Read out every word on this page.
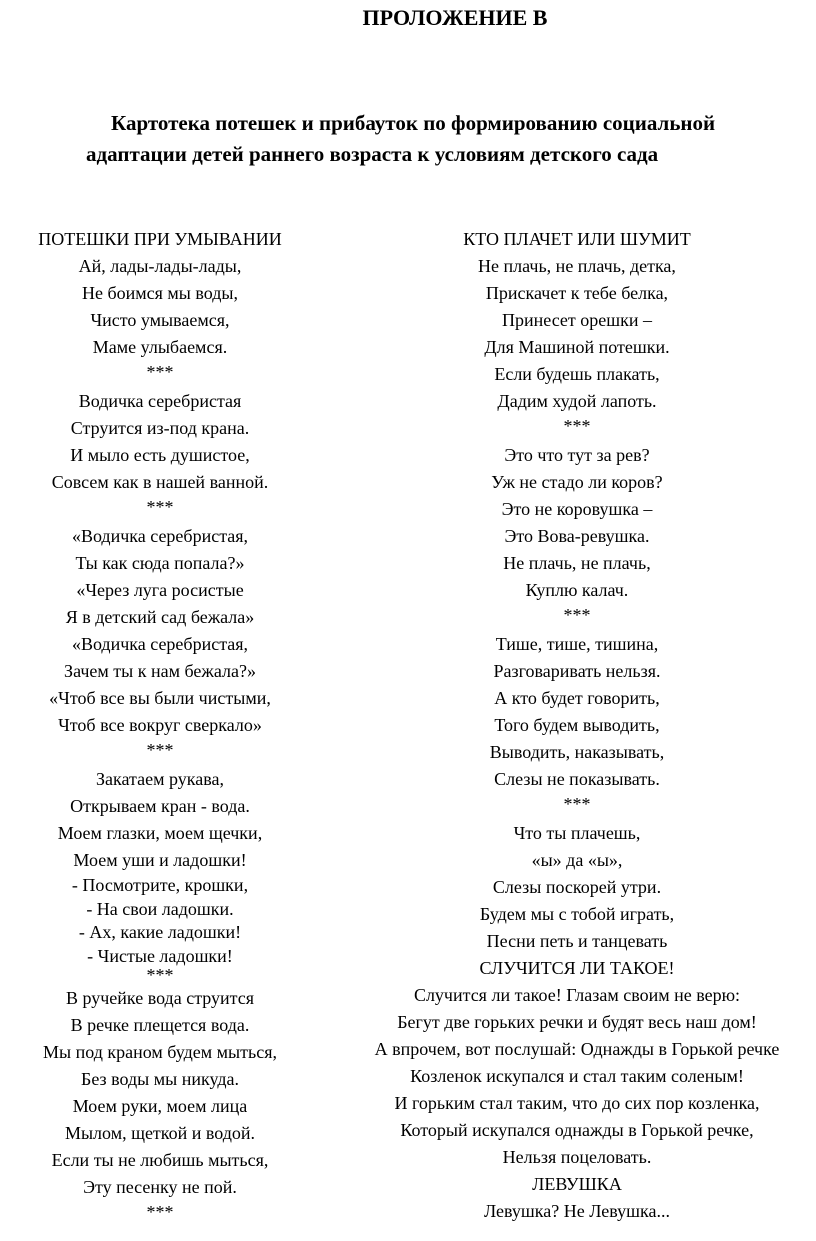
ПРОЛОЖЕНИЕ В
Картотека потешек и прибауток по формированию социальной
адаптации детей раннего возраста к условиям детского сада
ПОТЕШКИ ПРИ УМЫВАНИИ
Ай, лады-лады-лады,
Не боимся мы воды,
Чисто умываемся,
Маме улыбаемся.
***
Водичка серебристая
Струится из-под крана.
И мыло есть душистое,
Совсем как в нашей ванной.
***
«Водичка серебристая,
Ты как сюда попала?»
«Через луга росистые
Я в детский сад бежала»
«Водичка серебристая,
Зачем ты к нам бежала?»
«Чтоб все вы были чистыми,
Чтоб все вокруг сверкало»
***
Закатаем рукава,
Открываем кран - вода.
Моем глазки, моем щечки,
Моем уши и ладошки!
- Посмотрите, крошки,
- На свои ладошки.
- Ах, какие ладошки!
- Чистые ладошки!
***
В ручейке вода струится
В речке плещется вода.
Мы под краном будем мыться,
Без воды мы никуда.
Моем руки, моем лица
Мылом, щеткой и водой.
Если ты не любишь мыться,
Эту песенку не пой.
***
КТО ПЛАЧЕТ ИЛИ ШУМИТ
Не плачь, не плачь, детка,
Прискачет к тебе белка,
Принесет орешки –
Для Машиной потешки.
Если будешь плакать,
Дадим худой лапоть.
***
Это что тут за рев?
Уж не стадо ли коров?
Это не коровушка –
Это Вова-ревушка.
Не плачь, не плачь,
Куплю калач.
***
Тише, тише, тишина,
Разговаривать нельзя.
А кто будет говорить,
Того будем выводить,
Выводить, наказывать,
Слезы не показывать.
***
Что ты плачешь,
«ы» да «ы»,
Слезы поскорей утри.
Будем мы с тобой играть,
Песни петь и танцевать
СЛУЧИТСЯ ЛИ ТАКОЕ!
Случится ли такое! Глазам своим не верю:
Бегут две горьких речки и будят весь наш дом!
А впрочем, вот послушай: Однажды в Горькой речке
Козленок искупался и стал таким соленым!
И горьким стал таким, что до сих пор козленка,
Который искупался однажды в Горькой речке,
Нельзя поцеловать.
ЛЕВУШКА
Левушка? Не Левушка...
